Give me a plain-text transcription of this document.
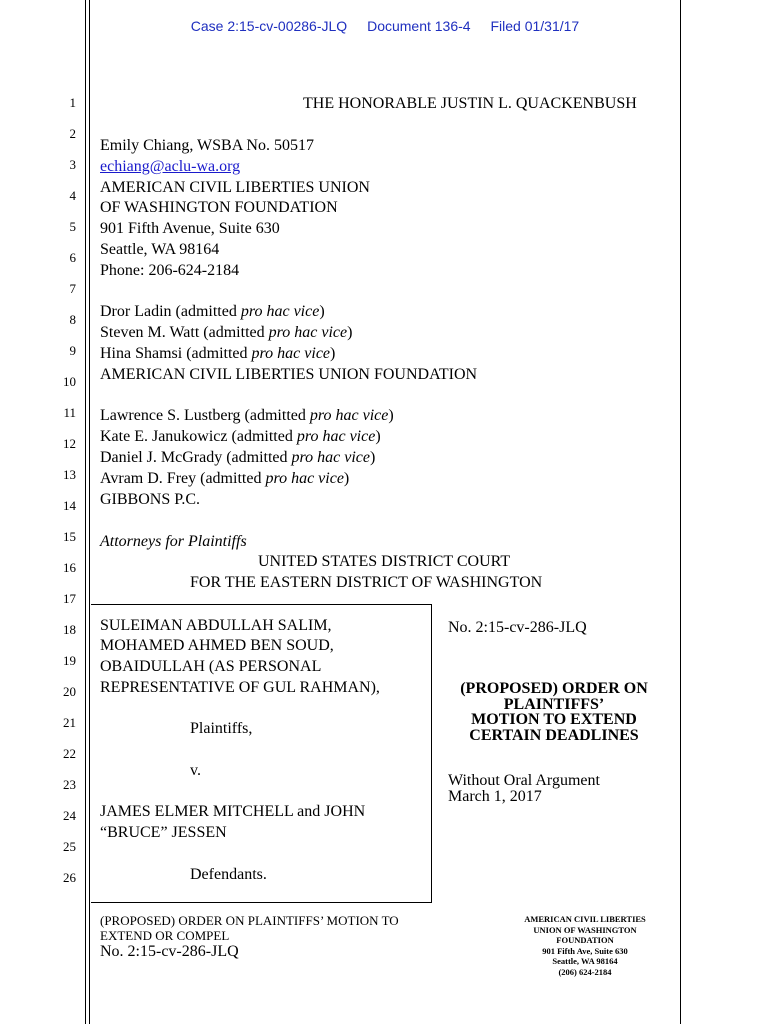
Case 2:15-cv-00286-JLQ Document 136-4 Filed 01/31/17
1
2
3
4
5
6
7
8
9
10
11
12
13
14
15
16
17
18
19
20
21
22
23
24
25
26
THE HONORABLE JUSTIN L. QUACKENBUSH
Emily Chiang, WSBA No. 50517
echiang@aclu-wa.org
AMERICAN CIVIL LIBERTIES UNION
OF WASHINGTON FOUNDATION
901 Fifth Avenue, Suite 630
Seattle, WA 98164
Phone: 206-624-2184
Dror Ladin (admitted pro hac vice)
Steven M. Watt (admitted pro hac vice)
Hina Shamsi (admitted pro hac vice)
AMERICAN CIVIL LIBERTIES UNION FOUNDATION
Lawrence S. Lustberg (admitted pro hac vice)
Kate E. Janukowicz (admitted pro hac vice)
Daniel J. McGrady (admitted pro hac vice)
Avram D. Frey (admitted pro hac vice)
GIBBONS P.C.
Attorneys for Plaintiffs
UNITED STATES DISTRICT COURT
FOR THE EASTERN DISTRICT OF WASHINGTON
SULEIMAN ABDULLAH SALIM,
MOHAMED AHMED BEN SOUD,
OBAIDULLAH (AS PERSONAL
REPRESENTATIVE OF GUL RAHMAN),
Plaintiffs,
v.
JAMES ELMER MITCHELL and JOHN
“BRUCE” JESSEN
Defendants.
No. 2:15-cv-286-JLQ
(PROPOSED) ORDER ON
PLAINTIFFS’
MOTION TO EXTEND
CERTAIN DEADLINES
Without Oral Argument
March 1, 2017
(PROPOSED) ORDER ON PLAINTIFFS’ MOTION TO
EXTEND OR COMPEL
No. 2:15-cv-286-JLQ
AMERICAN CIVIL LIBERTIES
UNION OF WASHINGTON
FOUNDATION
901 Fifth Ave, Suite 630
Seattle, WA 98164
(206) 624-2184
